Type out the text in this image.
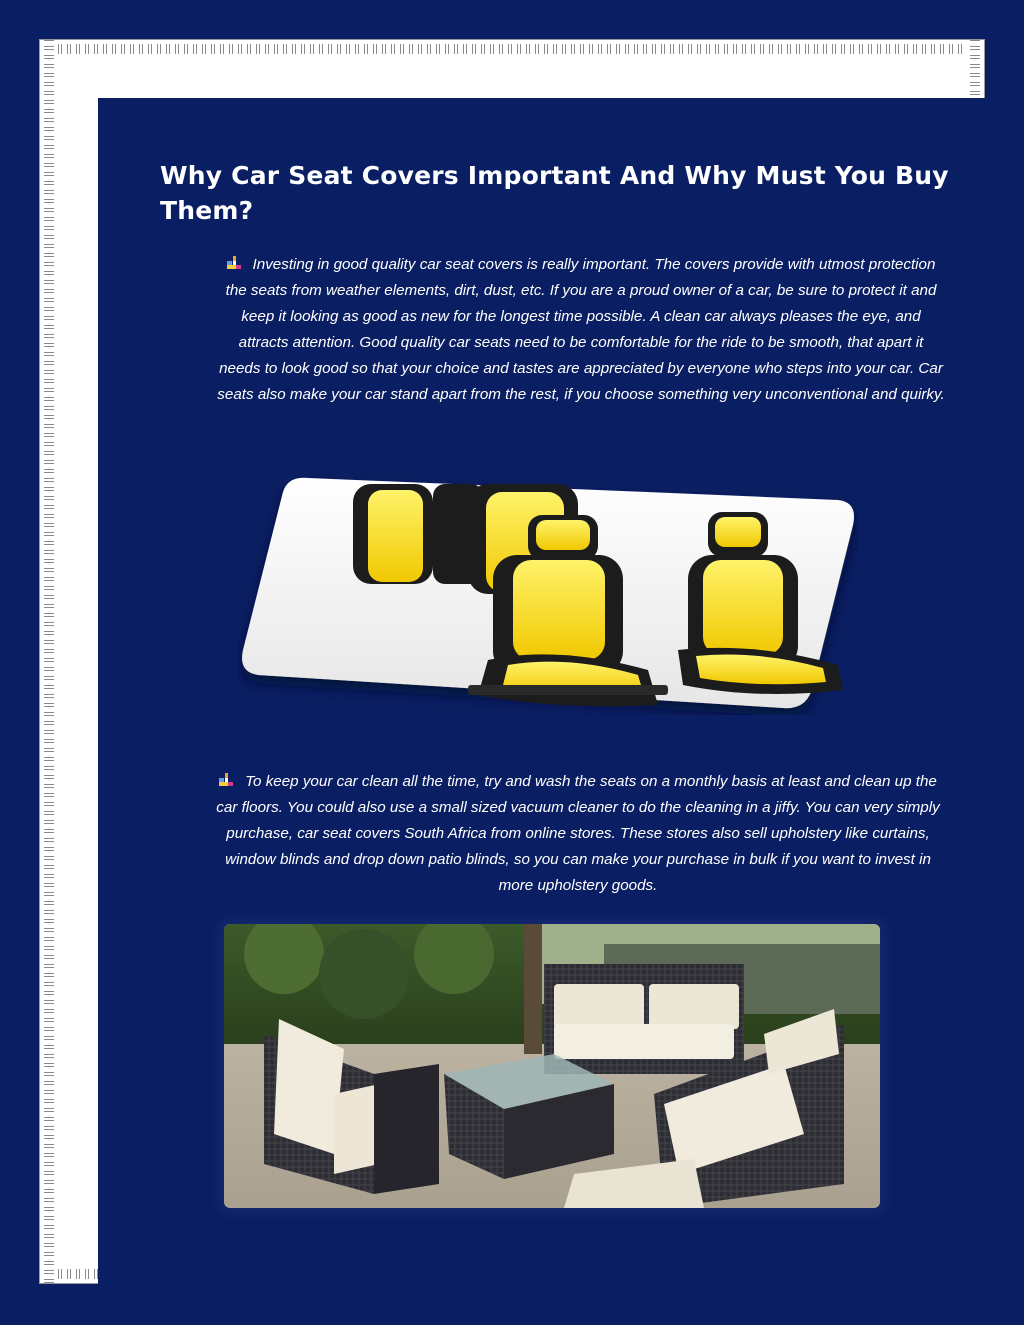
Why Car Seat Covers Important And Why Must You Buy Them?

Investing in good quality car seat covers is really important. The covers provide with utmost protection the seats from weather elements, dirt, dust, etc. If you are a proud owner of a car, be sure to protect it and keep it looking as good as new for the longest time possible. A clean car always pleases the eye, and attracts attention. Good quality car seats need to be comfortable for the ride to be smooth, that apart it needs to look good so that your choice and tastes are appreciated by everyone who steps into your car. Car seats also make your car stand apart from the rest, if you choose something very unconventional and quirky.

To keep your car clean all the time, try and wash the seats on a monthly basis at least and clean up the car floors. You could also use a small sized vacuum cleaner to do the cleaning in a jiffy. You can very simply purchase, car seat covers South Africa from online stores. These stores also sell upholstery like curtains, window blinds and drop down patio blinds, so you can make your purchase in bulk if you want to invest in more upholstery goods.
